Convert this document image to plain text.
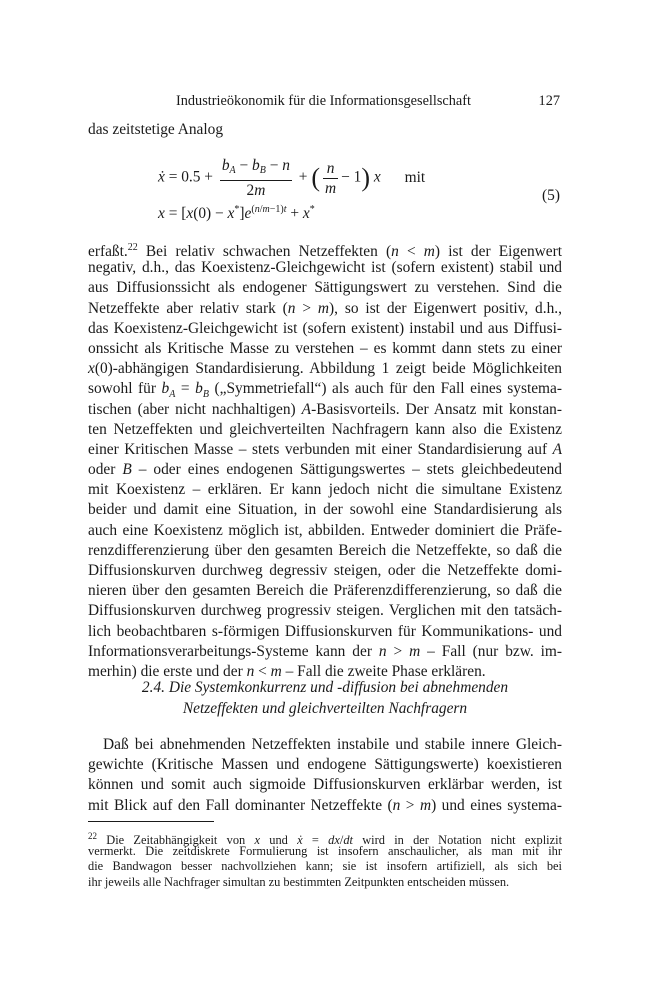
Industrieökonomik für die Informationsgesellschaft	127
das zeitstetige Analog
ẋ = $0.5 + \frac{b_A - b_B - n}{2m}$ + ( $\frac{n}{m} - 1$) x mit
$x = [x(0) - x^*]e^{(n/m-1)t} + x^*$
(5)
erfaßt.$^{22}$ Bei relativ schwachen Netzeffekten (n < m) ist der Eigenwert
negativ, d.h., das Koexistenz-Gleichgewicht ist (sofern existent) stabil und
aus Diffusionssicht als endogener Sättigungswert zu verstehen. Sind die
Netzeffekte aber relativ stark (n > m), so ist der Eigenwert positiv, d.h.,
das Koexistenz-Gleichgewicht ist (sofern existent) instabil und aus Diffusi-
onssicht als Kritische Masse zu verstehen – es kommt dann stets zu einer
x(0)-abhängigen Standardisierung. Abbildung 1 zeigt beide Möglichkeiten
sowohl für $b_A = b_B$ („Symmetriefall“) als auch für den Fall eines systema-
tischen (aber nicht nachhaltigen) A-Basisvorteils. Der Ansatz mit konstan-
ten Netzeffekten und gleichverteilten Nachfragern kann also die Existenz
einer Kritischen Masse – stets verbunden mit einer Standardisierung auf A
oder B – oder eines endogenen Sättigungswertes – stets gleichbedeutend
mit Koexistenz – erklären. Er kann jedoch nicht die simultane Existenz
beider und damit eine Situation, in der sowohl eine Standardisierung als
auch eine Koexistenz möglich ist, abbilden. Entweder dominiert die Präfe-
renzdifferenzierung über den gesamten Bereich die Netzeffekte, so daß die
Diffusionskurven durchweg degressiv steigen, oder die Netzeffekte domi-
nieren über den gesamten Bereich die Präferenzdifferenzierung, so daß die
Diffusionskurven durchweg progressiv steigen. Verglichen mit den tatsäch-
lich beobachtbaren s-förmigen Diffusionskurven für Kommunikations- und
Informationsverarbeitungs-Systeme kann der n > m – Fall (nur bzw. im-
merhin) die erste und der n < m – Fall die zweite Phase erklären.
2.4. Die Systemkonkurrenz und -diffusion bei abnehmenden
Netzeffekten und gleichverteilten Nachfragern
Daß bei abnehmenden Netzeffekten instabile und stabile innere Gleich-
gewichte (Kritische Massen und endogene Sättigungswerte) koexistieren
können und somit auch sigmoide Diffusionskurven erklärbar werden, ist
mit Blick auf den Fall dominanter Netzeffekte (n > m) und eines systema-
$^{22}$ Die Zeitabhängigkeit von x und ẋ = dx/dt wird in der Notation nicht explizit
vermerkt. Die zeitdiskrete Formulierung ist insofern anschaulicher, als man mit ihr
die Bandwagon besser nachvollziehen kann; sie ist insofern artifiziell, als sich bei
ihr jeweils alle Nachfrager simultan zu bestimmten Zeitpunkten entscheiden müssen.
